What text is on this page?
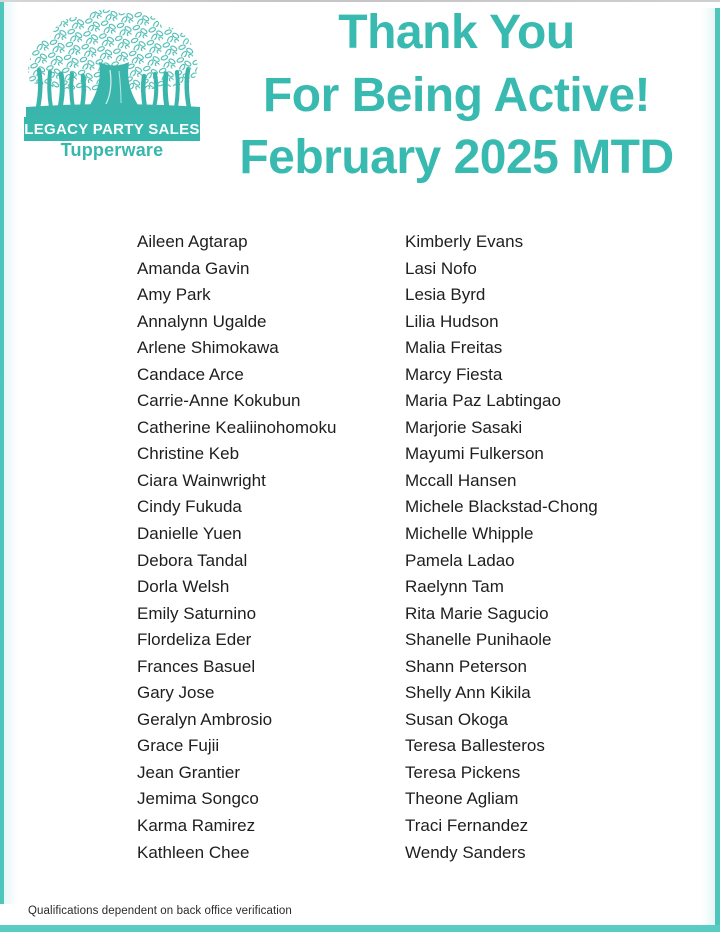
LEGACY PARTY SALES
Tupperware
Thank You
For Being Active!
February 2025 MTD
Aileen Agtarap
Amanda Gavin
Amy Park
Annalynn Ugalde
Arlene Shimokawa
Candace Arce
Carrie-Anne Kokubun
Catherine Kealiinohomoku
Christine Keb
Ciara Wainwright
Cindy Fukuda
Danielle Yuen
Debora Tandal
Dorla Welsh
Emily Saturnino
Flordeliza Eder
Frances Basuel
Gary Jose
Geralyn Ambrosio
Grace Fujii
Jean Grantier
Jemima Songco
Karma Ramirez
Kathleen Chee
Kimberly Evans
Lasi Nofo
Lesia Byrd
Lilia Hudson
Malia Freitas
Marcy Fiesta
Maria Paz Labtingao
Marjorie Sasaki
Mayumi Fulkerson
Mccall Hansen
Michele Blackstad-Chong
Michelle Whipple
Pamela Ladao
Raelynn Tam
Rita Marie Sagucio
Shanelle Punihaole
Shann Peterson
Shelly Ann Kikila
Susan Okoga
Teresa Ballesteros
Teresa Pickens
Theone Agliam
Traci Fernandez
Wendy Sanders
Qualifications dependent on back office verification
